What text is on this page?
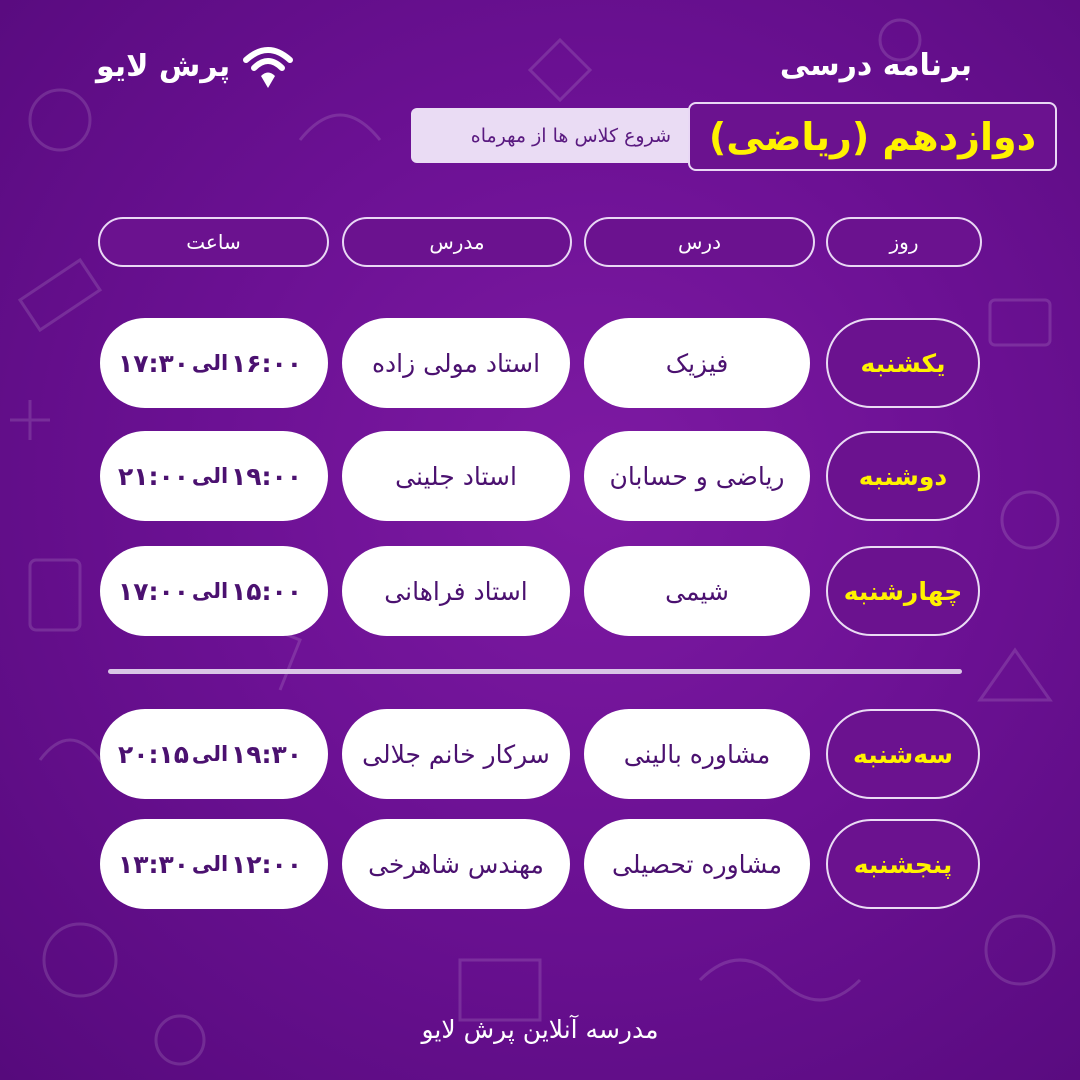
پرش لایو	برنامه درسی
شروع کلاس ها از مهرماه دوازدهم (ریاضی)
روز
درس
مدرس
ساعت
یکشنبه
فیزیک
استاد مولی زاده
۱۶:۰۰
الی
۱۷:۳۰
دوشنبه
ریاضی و حسابان
استاد جلینی
۱۹:۰۰
الی
۲۱:۰۰
چهارشنبه
شیمی
استاد فراهانی
۱۵:۰۰
الی
۱۷:۰۰
سه‌شنبه
مشاوره بالینی
سرکار خانم جلالی
۱۹:۳۰
الی
۲۰:۱۵
پنجشنبه
مشاوره تحصیلی
مهندس شاهرخی
۱۲:۰۰
الی
۱۳:۳۰
مدرسه آنلاین پرش لایو
